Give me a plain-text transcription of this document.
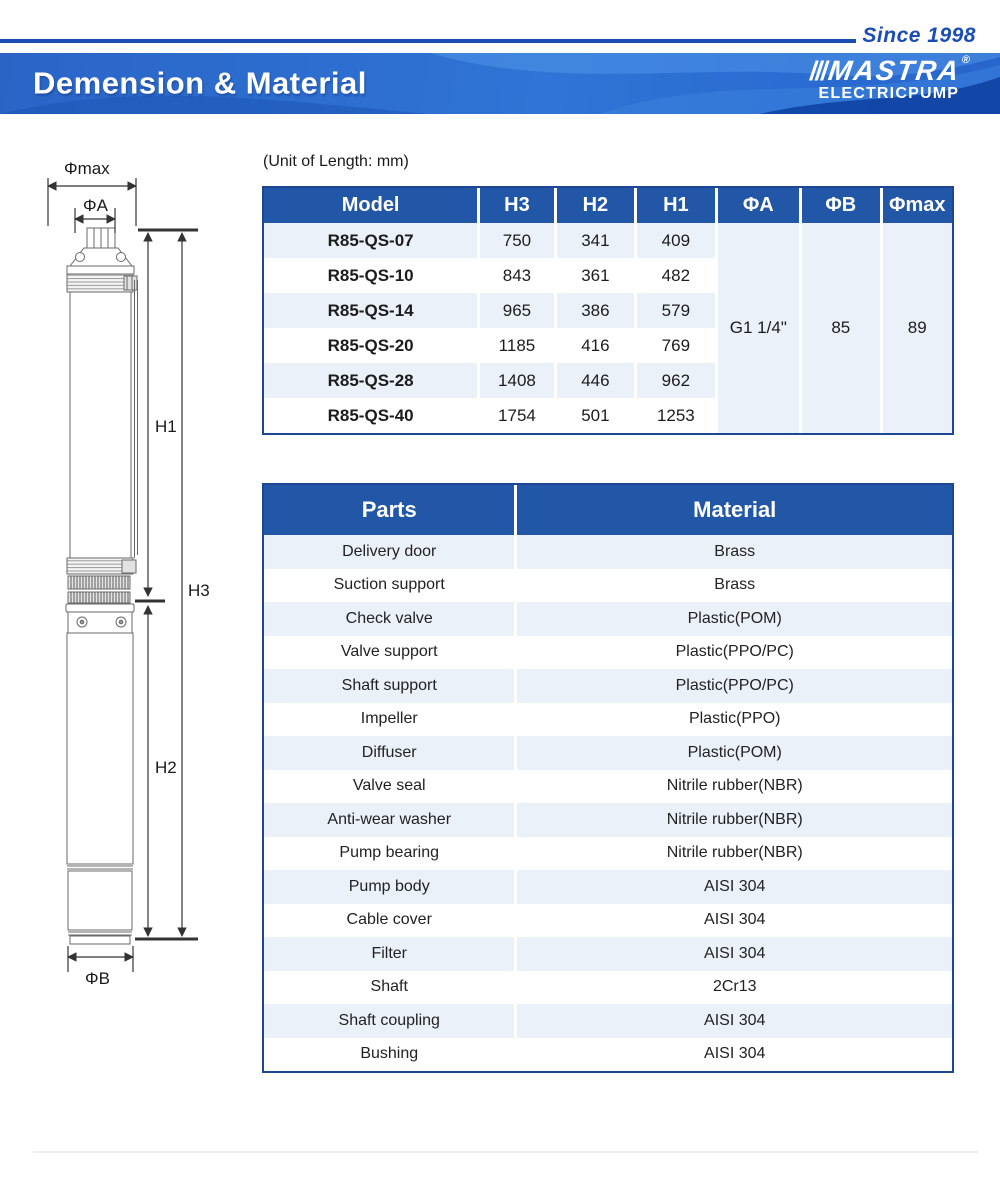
Since 1998
Demension & Material	///MASTRA®
ELECTRICPUMP
(Unit of Length: mm)
Φmax
ΦA
ΦB
H1
H3
H2
Model	H3	H2	H1	ΦA	ΦB	Φmax
R85-QS-07	750	341	409	G1 1/4"	85	89
R85-QS-10	843	361	482			
R85-QS-14	965	386	579			
R85-QS-20	1185	416	769			
R85-QS-28	1408	446	962			
R85-QS-40	1754	501	1253			
Parts	Material
Delivery door	Brass
Suction support	Brass
Check valve	Plastic(POM)
Valve support	Plastic(PPO/PC)
Shaft support	Plastic(PPO/PC)
Impeller	Plastic(PPO)
Diffuser	Plastic(POM)
Valve seal	Nitrile rubber(NBR)
Anti-wear washer	Nitrile rubber(NBR)
Pump bearing	Nitrile rubber(NBR)
Pump body	AISI 304
Cable cover	AISI 304
Filter	AISI 304
Shaft	2Cr13
Shaft coupling	AISI 304
Bushing	AISI 304
